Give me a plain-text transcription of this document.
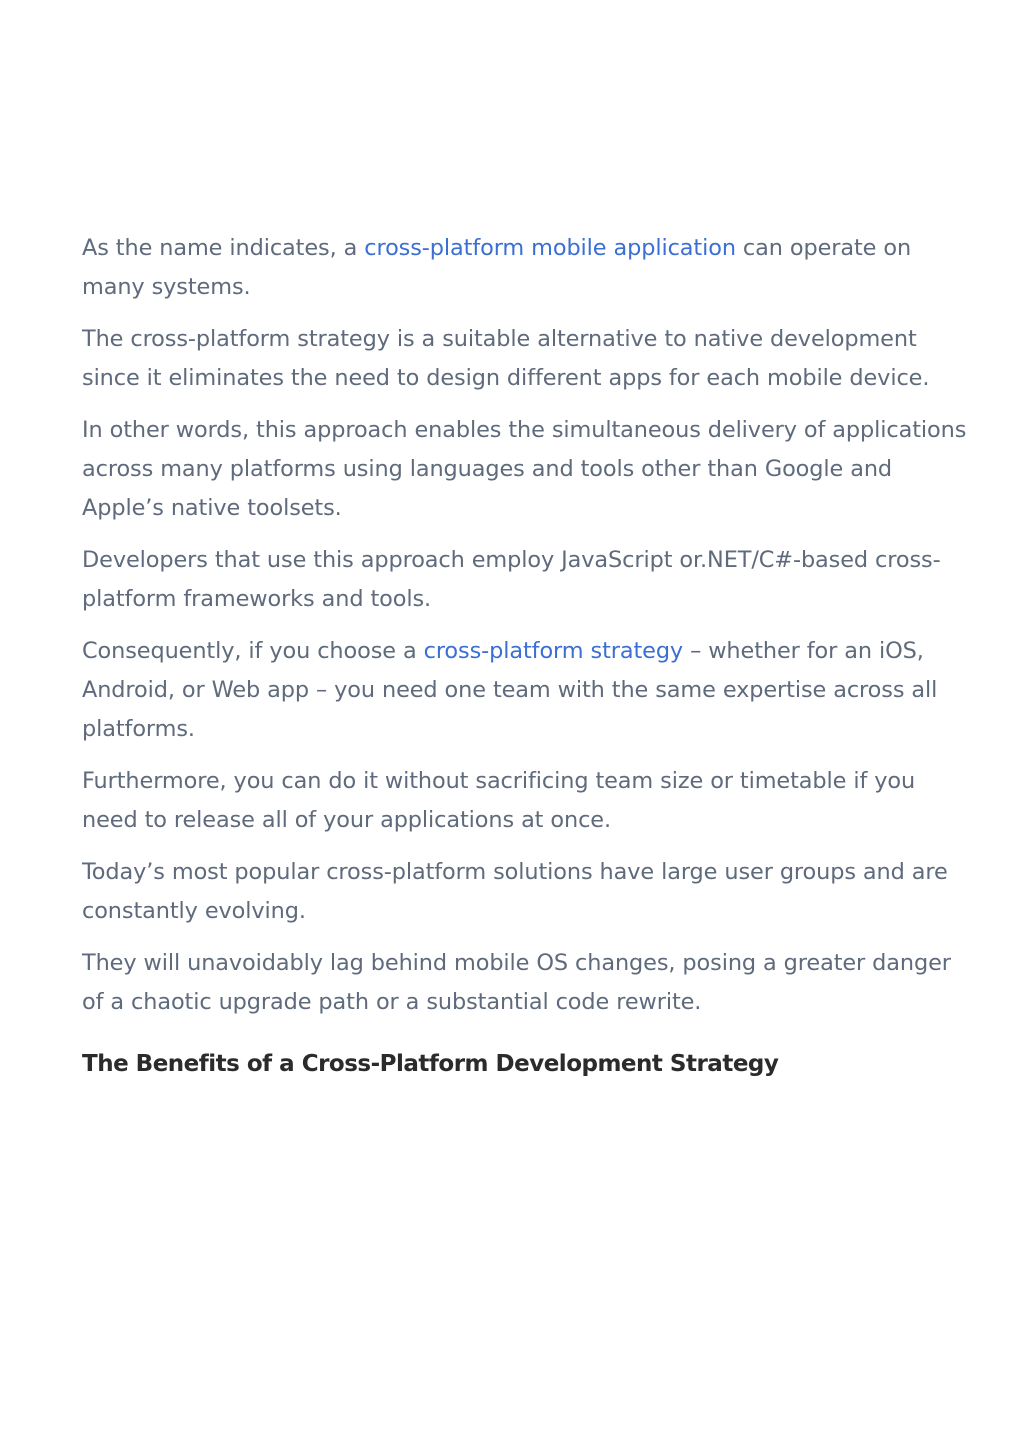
As the name indicates, a cross-platform mobile application can operate on many systems.

The cross-platform strategy is a suitable alternative to native development since it eliminates the need to design different apps for each mobile device.

In other words, this approach enables the simultaneous delivery of applications across many platforms using languages and tools other than Google and Apple’s native toolsets.

Developers that use this approach employ JavaScript or.NET/C#-based cross-platform frameworks and tools.

Consequently, if you choose a cross-platform strategy – whether for an iOS, Android, or Web app – you need one team with the same expertise across all platforms.

Furthermore, you can do it without sacrificing team size or timetable if you need to release all of your applications at once.

Today’s most popular cross-platform solutions have large user groups and are constantly evolving.

They will unavoidably lag behind mobile OS changes, posing a greater danger of a chaotic upgrade path or a substantial code rewrite.

The Benefits of a Cross-Platform Development Strategy
